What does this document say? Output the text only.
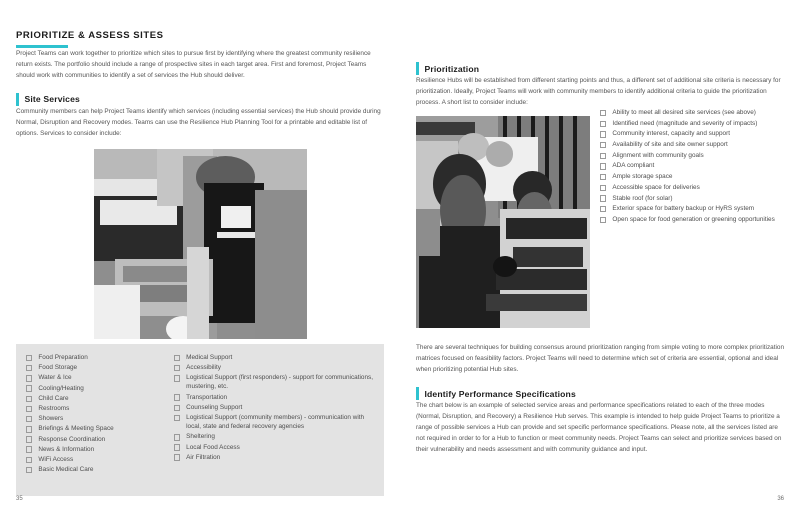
PRIORITIZE & ASSESS SITES

Project Teams can work together to prioritize which sites to pursue first by identifying where the greatest community resilience return exists. The portfolio should include a range of prospective sites in each target area. First and foremost, Project Teams should work with communities to identify a set of services the Hub should deliver.

Site Services

Community members can help Project Teams identify which services (including essential services) the Hub should provide during Normal, Disruption and Recovery modes. Teams can use the Resilience Hub Planning Tool for a printable and editable list of options. Services to consider include:

Food Preparation
Food Storage
Water & Ice
Cooling/Heating
Child Care
Restrooms
Showers
Briefings & Meeting Space
Response Coordination
News & Information
WiFi Access
Basic Medical Care
Medical Support
Accessibility
Logistical Support (first responders) - support for communications, mustering, etc.
Transportation
Counseling Support
Logistical Support (community members) - communication with local, state and federal recovery agencies
Sheltering
Local Food Access
Air Filtration
35
Prioritization

Resilience Hubs will be established from different starting points and thus, a different set of additional site criteria is necessary for prioritization. Ideally, Project Teams will work with community members to identify additional criteria to guide the prioritization process. A short list to consider include:

Ability to meet all desired site services (see above)
Identified need (magnitude and severity of impacts)
Community interest, capacity and support
Availability of site and site owner support
Alignment with community goals
ADA compliant
Ample storage space
Accessible space for deliveries
Stable roof (for solar)
Exterior space for battery backup or HyRS system
Open space for food generation or greening opportunities

There are several techniques for building consensus around prioritization ranging from simple voting to more complex prioritization matrices focused on feasibility factors. Project Teams will need to determine which set of criteria are essential, optional and ideal when prioritizing potential Hub sites.

Identify Performance Specifications

The chart below is an example of selected service areas and performance specifications related to each of the three modes (Normal, Disruption, and Recovery) a Resilience Hub serves. This example is intended to help guide Project Teams to prioritize a range of possible services a Hub can provide and set specific performance specifications. Please note, all the services listed are not required in order to for a Hub to function or meet community needs. Project Teams can select and prioritize services based on their vulnerability and needs assessment and with community guidance and input.

36
